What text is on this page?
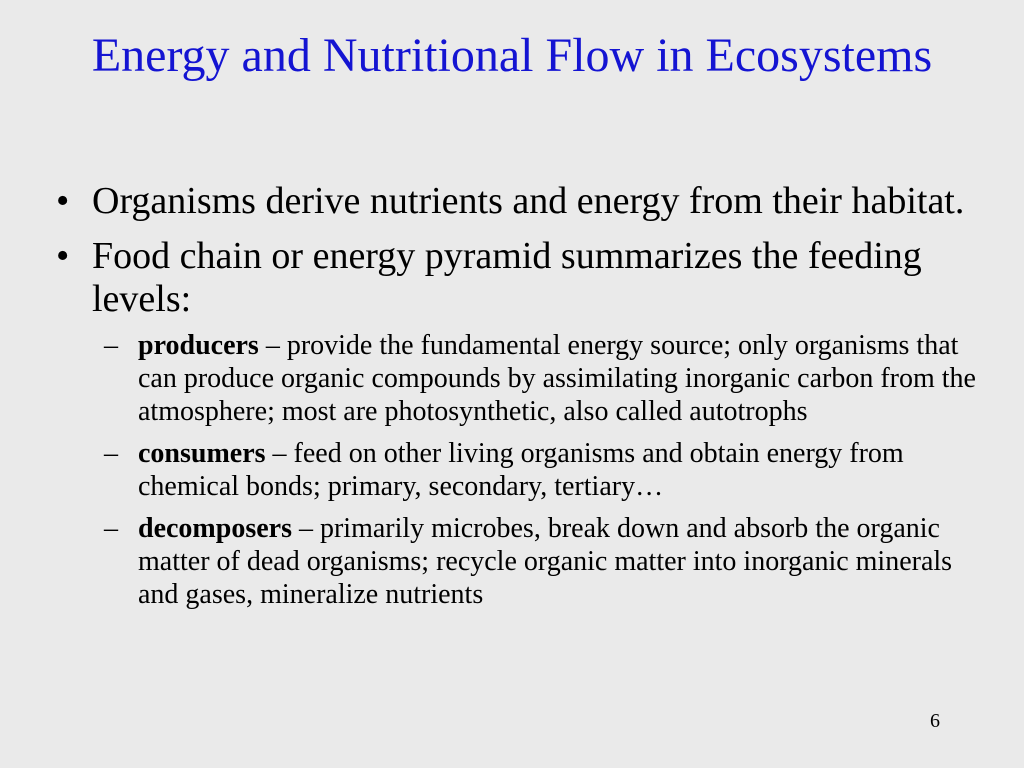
Energy and Nutritional Flow in Ecosystems
• Organisms derive nutrients and energy from their habitat.
• Food chain or energy pyramid summarizes the feeding levels:
– producers – provide the fundamental energy source; only organisms that can produce organic compounds by assimilating inorganic carbon from the atmosphere; most are photosynthetic, also called autotrophs
– consumers – feed on other living organisms and obtain energy from chemical bonds; primary, secondary, tertiary…
– decomposers – primarily microbes, break down and absorb the organic matter of dead organisms; recycle organic matter into inorganic minerals and gases, mineralize nutrients
6
